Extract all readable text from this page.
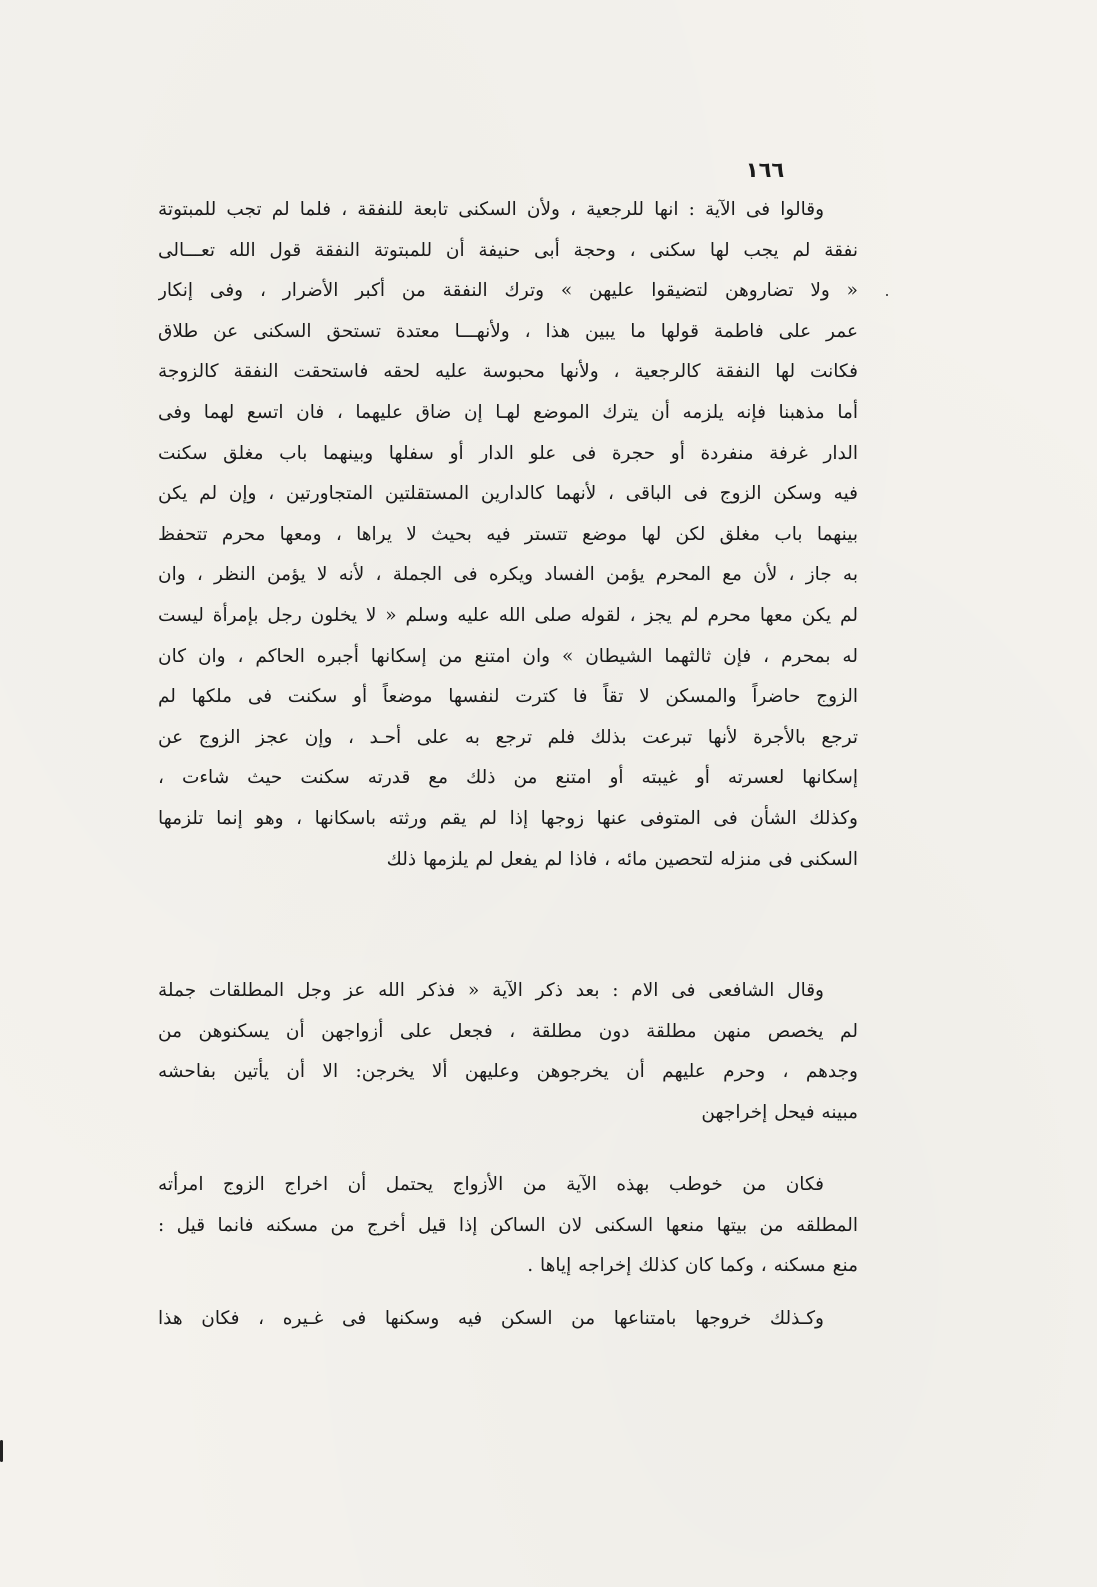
١٦٦
وقالوا فى الآية : انها للرجعية ، ولأن السكنى تابعة للنفقة ، فلما لم تجب للمبتوتة
نفقة لم يجب لها سكنى ، وحجة أبى حنيفة أن للمبتوتة النفقة قول الله تعـــالى
« ولا تضاروهن لتضيقوا عليهن » وترك النفقة من أكبر الأضرار ، وفى إنكار
عمر على فاطمة قولها ما يبين هذا ، ولأنهـــا معتدة تستحق السكنى عن طلاق
فكانت لها النفقة كالرجعية ، ولأنها محبوسة عليه لحقه فاستحقت النفقة كالزوجة
أما مذهبنا فإنه يلزمه أن يترك الموضع لهـا إن ضاق عليهما ، فان اتسع لهما وفى
الدار غرفة منفردة أو حجرة فى علو الدار أو سفلها وبينهما باب مغلق سكنت
فيه وسكن الزوج فى الباقى ، لأنهما كالدارين المستقلتين المتجاورتين ، وإن لم يكن
بينهما باب مغلق لكن لها موضع تتستر فيه بحيث لا يراها ، ومعها محرم تتحفظ
به جاز ، لأن مع المحرم يؤمن الفساد ويكره فى الجملة ، لأنه لا يؤمن النظر ، وان
لم يكن معها محرم لم يجز ، لقوله صلى الله عليه وسلم « لا يخلون رجل بإمرأة ليست
له بمحرم ، فإن ثالثهما الشيطان » وان امتنع من إسكانها أجبره الحاكم ، وان كان
الزوج حاضراً والمسكن لا تقاً فا كترت لنفسها موضعاً أو سكنت فى ملكها لم
ترجع بالأجرة لأنها تبرعت بذلك فلم ترجع به على أحـد ، وإن عجز الزوج عن
إسكانها لعسرته أو غيبته أو امتنع من ذلك مع قدرته سكنت حيث شاءت ،
وكذلك الشأن فى المتوفى عنها زوجها إذا لم يقم ورثته باسكانها ، وهو إنما تلزمها
السكنى فى منزله لتحصين مائه ، فاذا لم يفعل لم يلزمها ذلك
وقال الشافعى فى الام : بعد ذكر الآية « فذكر الله عز وجل المطلقات جملة
لم يخصص منهن مطلقة دون مطلقة ، فجعل على أزواجهن أن يسكنوهن من
وجدهم ، وحرم عليهم أن يخرجوهن وعليهن ألا يخرجن: الا أن يأتين بفاحشه
مبينه فيحل إخراجهن
فكان من خوطب بهذه الآية من الأزواج يحتمل أن اخراج الزوج امرأته
المطلقه من بيتها منعها السكنى لان الساكن إذا قيل أخرج من مسكنه فانما قيل :
منع مسكنه ، وكما كان كذلك إخراجه إياها .
وكـذلك خروجها بامتناعها من السكن فيه وسكنها فى غـيره ، فكان هذا
